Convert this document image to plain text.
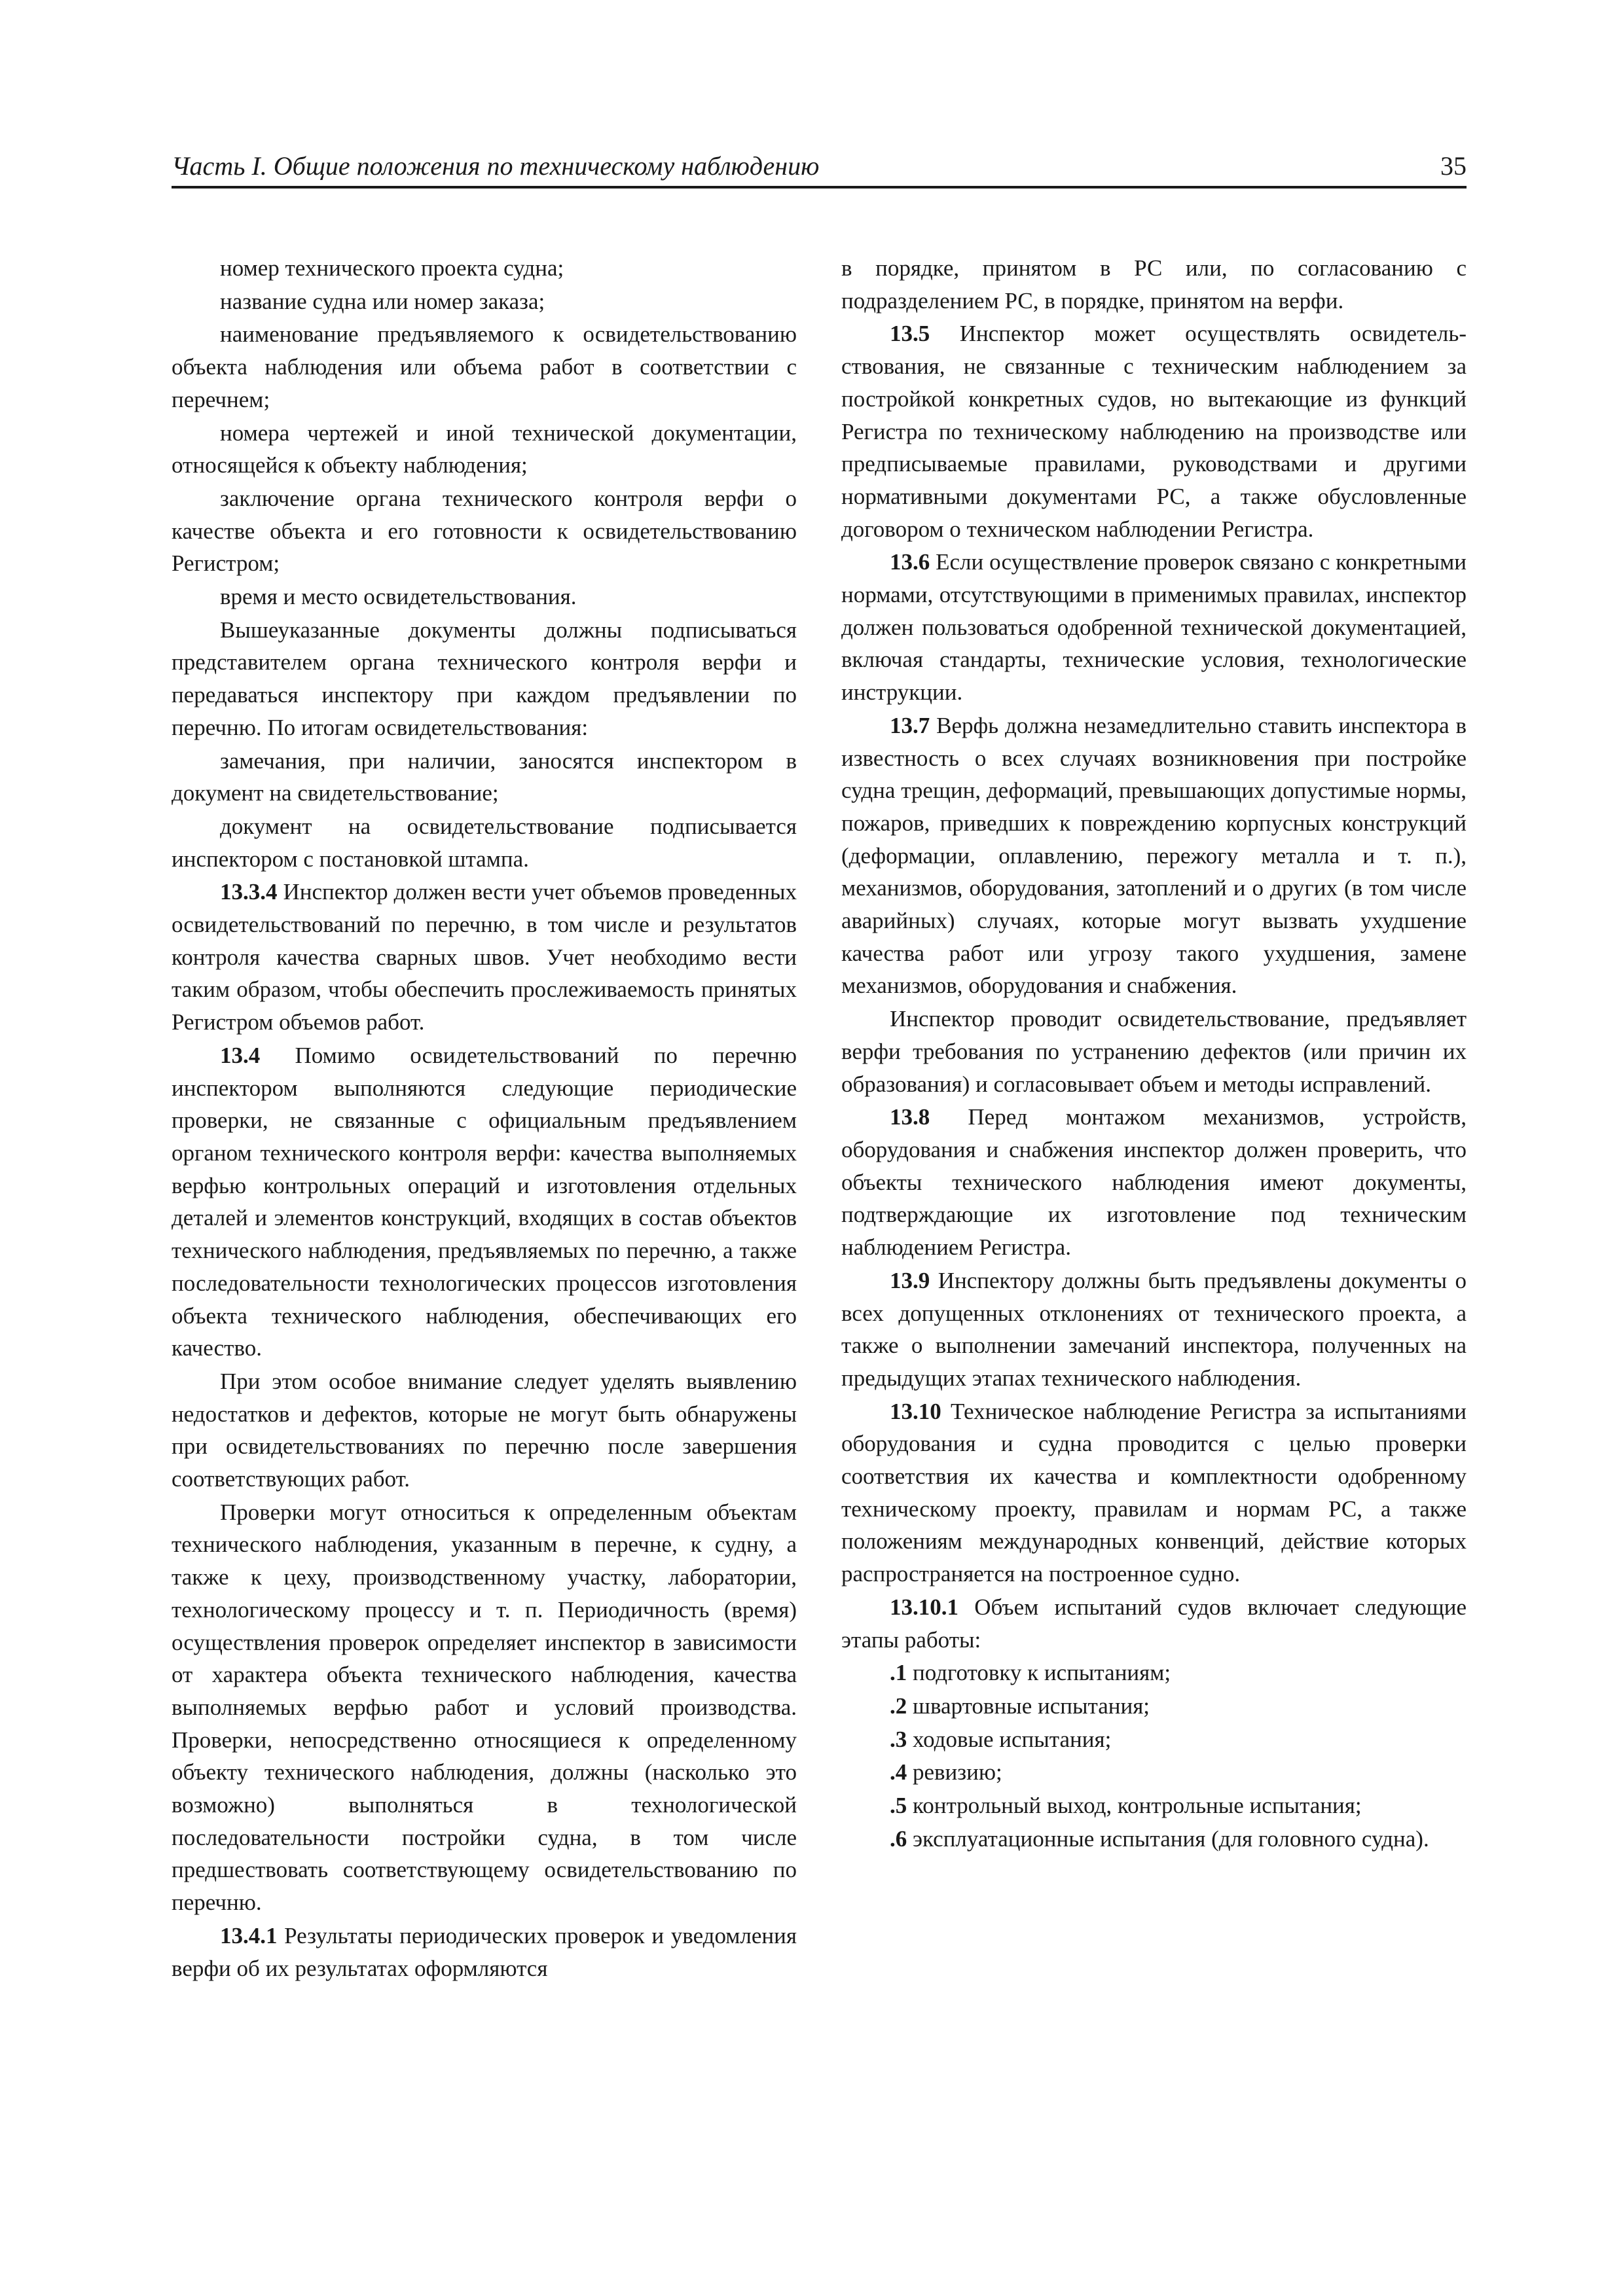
Часть I. Общие положения по техническому наблюдению	35

номер технического проекта судна;

название судна или номер заказа;

наименование предъявляемого к освидетельствованию объекта наблюдения или объема работ в соответствии с перечнем;

номера чертежей и иной технической документации, относящейся к объекту наблюдения;

заключение органа технического контроля верфи о качестве объекта и его готовности к освидетельствованию Регистром;

время и место освидетельствования.

Вышеуказанные документы должны подписываться представителем органа технического контроля верфи и передаваться инспектору при каждом предъявлении по перечню. По итогам освидетельствования:

замечания, при наличии, заносятся инспектором в документ на свидетельствование;

документ на освидетельствование подписывается инспектором с постановкой штампа.

13.3.4 Инспектор должен вести учет объемов проведенных освидетельствований по перечню, в том числе и результатов контроля качества сварных швов. Учет необходимо вести таким образом, чтобы обеспечить прослеживаемость принятых Регистром объемов работ.

13.4 Помимо освидетельствований по перечню инспектором выполняются следующие периодические проверки, не связанные с официальным предъявлением органом технического контроля верфи: качества выполняемых верфью контрольных операций и изготовления отдельных деталей и элементов конструкций, входящих в состав объектов технического наблюдения, предъявляемых по перечню, а также последовательности технологических процессов изготовления объекта технического наблюдения, обеспечивающих его качество.

При этом особое внимание следует уделять выявлению недостатков и дефектов, которые не могут быть обнаружены при освидетельствованиях по перечню после завершения соответствующих работ.

Проверки могут относиться к определенным объектам технического наблюдения, указанным в перечне, к судну, а также к цеху, производственному участку, лаборатории, технологическому процессу и т. п. Периодичность (время) осуществления проверок определяет инспектор в зависимости от характера объекта технического наблюдения, качества выполняемых верфью работ и условий производства. Проверки, непосредственно относящиеся к определенному объекту технического наблюдения, должны (насколько это возможно) выполняться в технологической последовательности постройки судна, в том числе предшествовать соответствующему освидетельствованию по перечню.

13.4.1 Результаты периодических проверок и уведомления верфи об их результатах оформляются

в порядке, принятом в РС или, по согласованию с подразделением РС, в порядке, принятом на верфи.

13.5 Инспектор может осуществлять освидетельствования, не связанные с техническим наблюдением за постройкой конкретных судов, но вытекающие из функций Регистра по техническому наблюдению на производстве или предписываемые правилами, руководствами и другими нормативными документами РС, а также обусловленные договором о техническом наблюдении Регистра.

13.6 Если осуществление проверок связано с конкретными нормами, отсутствующими в применимых правилах, инспектор должен пользоваться одобренной технической документацией, включая стандарты, технические условия, технологические инструкции.

13.7 Верфь должна незамедлительно ставить инспектора в известность о всех случаях возникновения при постройке судна трещин, деформаций, превышающих допустимые нормы, пожаров, приведших к повреждению корпусных конструкций (деформации, оплавлению, пережогу металла и т. п.), механизмов, оборудования, затоплений и о других (в том числе аварийных) случаях, которые могут вызвать ухудшение качества работ или угрозу такого ухудшения, замене механизмов, оборудования и снабжения.

Инспектор проводит освидетельствование, предъявляет верфи требования по устранению дефектов (или причин их образования) и согласовывает объем и методы исправлений.

13.8 Перед монтажом механизмов, устройств, оборудования и снабжения инспектор должен проверить, что объекты технического наблюдения имеют документы, подтверждающие их изготовление под техническим наблюдением Регистра.

13.9 Инспектору должны быть предъявлены документы о всех допущенных отклонениях от технического проекта, а также о выполнении замечаний инспектора, полученных на предыдущих этапах технического наблюдения.

13.10 Техническое наблюдение Регистра за испытаниями оборудования и судна проводится с целью проверки соответствия их качества и комплектности одобренному техническому проекту, правилам и нормам РС, а также положениям международных конвенций, действие которых распространяется на построенное судно.

13.10.1 Объем испытаний судов включает следующие этапы работы:

.1 подготовку к испытаниям;

.2 швартовные испытания;

.3 ходовые испытания;

.4 ревизию;

.5 контрольный выход, контрольные испытания;

.6 эксплуатационные испытания (для головного судна).
